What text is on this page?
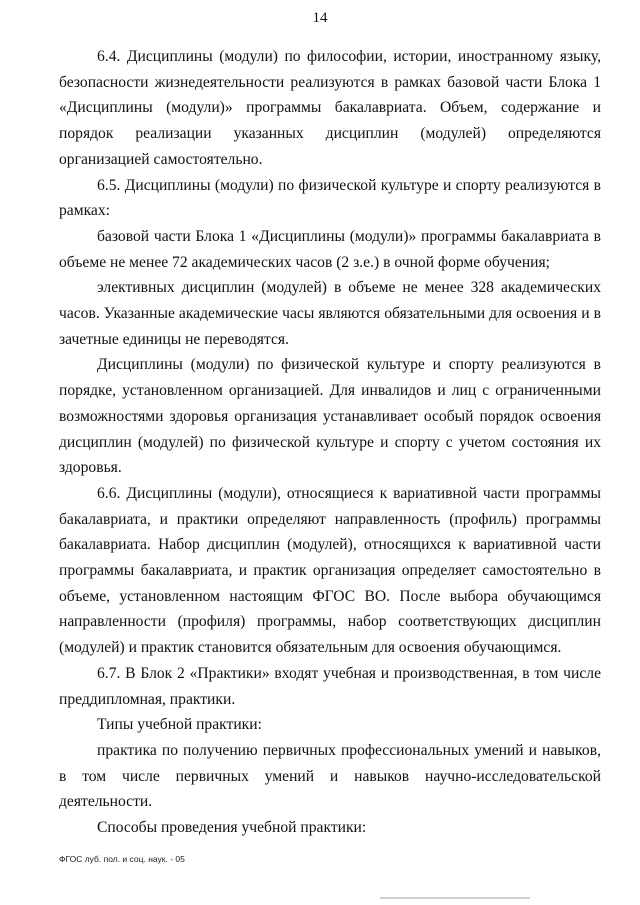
14

6.4. Дисциплины (модули) по философии, истории, иностранному языку, безопасности жизнедеятельности реализуются в рамках базовой части Блока 1 «Дисциплины (модули)» программы бакалавриата. Объем, содержание и порядок реализации указанных дисциплин (модулей) определяются организацией самостоятельно.

6.5. Дисциплины (модули) по физической культуре и спорту реализуются в рамках:

базовой части Блока 1 «Дисциплины (модули)» программы бакалавриата в объеме не менее 72 академических часов (2 з.е.) в очной форме обучения;

элективных дисциплин (модулей) в объеме не менее 328 академических часов. Указанные академические часы являются обязательными для освоения и в зачетные единицы не переводятся.

Дисциплины (модули) по физической культуре и спорту реализуются в порядке, установленном организацией. Для инвалидов и лиц с ограниченными возможностями здоровья организация устанавливает особый порядок освоения дисциплин (модулей) по физической культуре и спорту с учетом состояния их здоровья.

6.6. Дисциплины (модули), относящиеся к вариативной части программы бакалавриата, и практики определяют направленность (профиль) программы бакалавриата. Набор дисциплин (модулей), относящихся к вариативной части программы бакалавриата, и практик организация определяет самостоятельно в объеме, установленном настоящим ФГОС ВО. После выбора обучающимся направленности (профиля) программы, набор соответствующих дисциплин (модулей) и практик становится обязательным для освоения обучающимся.

6.7. В Блок 2 «Практики» входят учебная и производственная, в том числе преддипломная, практики.

Типы учебной практики:

практика по получению первичных профессиональных умений и навыков, в том числе первичных умений и навыков научно-исследовательской деятельности.

Способы проведения учебной практики:

ФГОС луб. пол. и соц. наук. - 05
